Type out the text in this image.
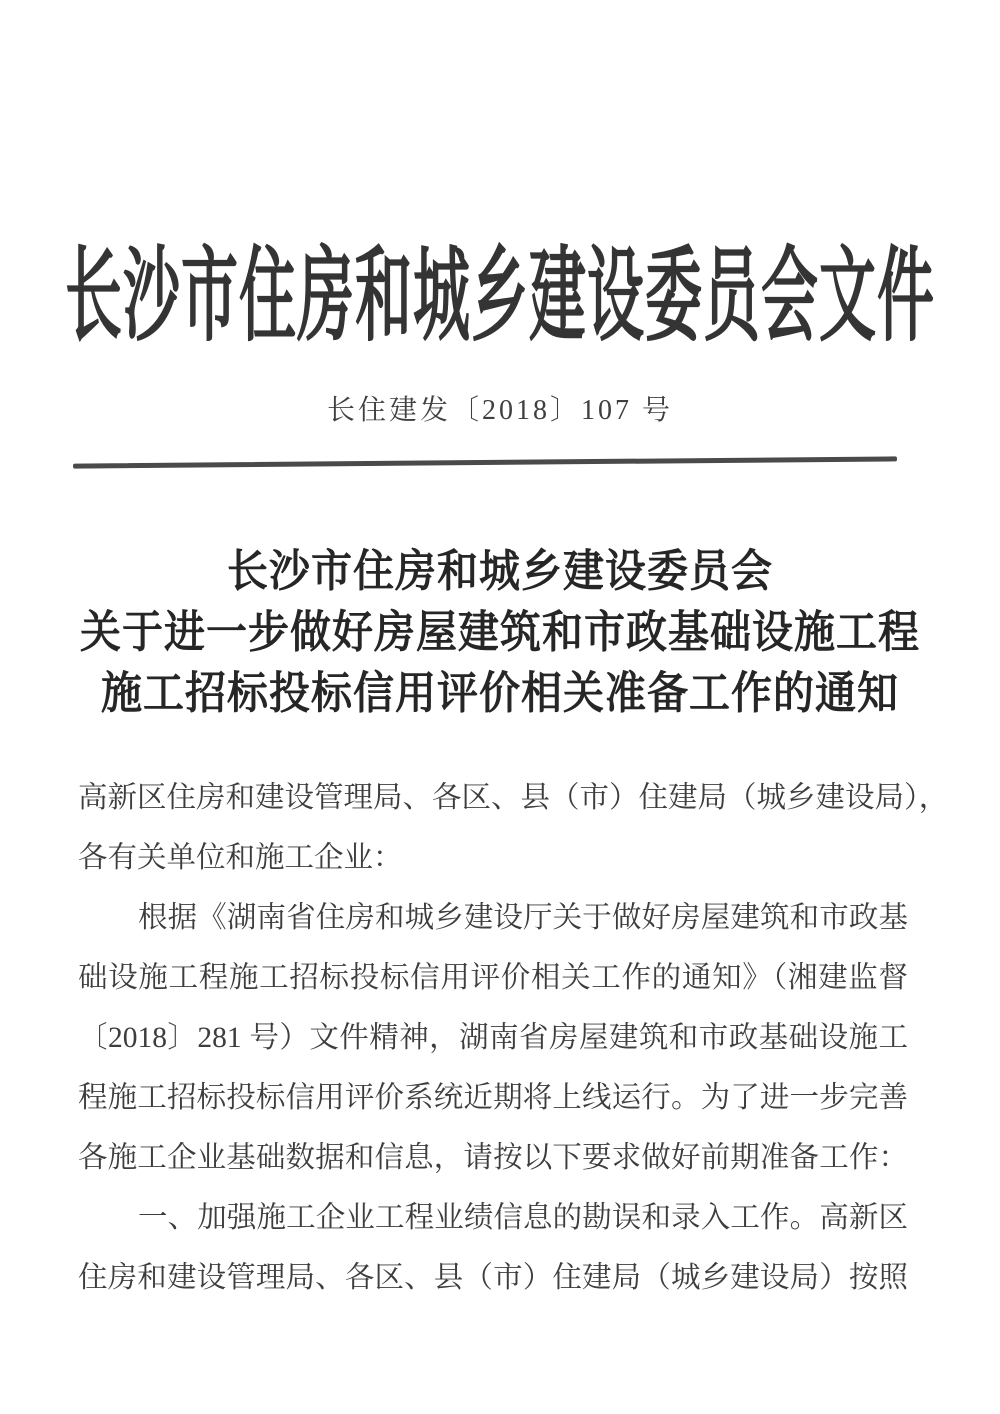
长沙市住房和城乡建设委员会文件
长住建发〔2018〕107 号
长沙市住房和城乡建设委员会
关于进一步做好房屋建筑和市政基础设施工程
施工招标投标信用评价相关准备工作的通知
高新区住房和建设管理局、各区、县（市）住建局（城乡建设局），
各有关单位和施工企业：
根据《湖南省住房和城乡建设厅关于做好房屋建筑和市政基
础设施工程施工招标投标信用评价相关工作的通知》（湘建监督
〔2018〕281 号）文件精神，湖南省房屋建筑和市政基础设施工
程施工招标投标信用评价系统近期将上线运行。为了进一步完善
各施工企业基础数据和信息，请按以下要求做好前期准备工作：
一、加强施工企业工程业绩信息的勘误和录入工作。高新区
住房和建设管理局、各区、县（市）住建局（城乡建设局）按照
